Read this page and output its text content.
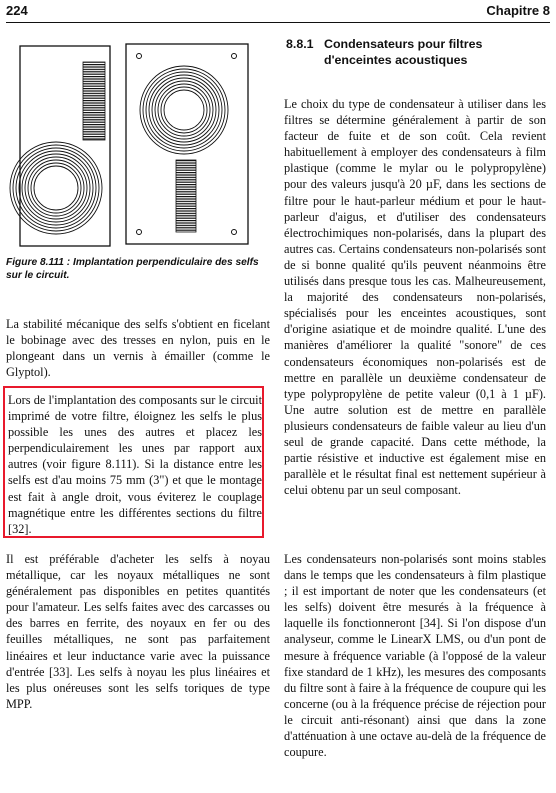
224	Chapitre 8
Figure 8.111 : Implantation perpendiculaire des selfs sur le circuit.

La stabilité mécanique des selfs s'obtient en ficelant le bobinage avec des tresses en nylon, puis en le plongeant dans un vernis à émailler (comme le Glyptol).

Lors de l'implantation des composants sur le circuit imprimé de votre filtre, éloignez les selfs le plus possible les unes des autres et placez les perpendiculairement les unes par rapport aux autres (voir figure 8.111). Si la distance entre les selfs est d'au moins 75 mm (3") et que le montage est fait à angle droit, vous éviterez le couplage magnétique entre les différentes sections du filtre [32].

Il est préférable d'acheter les selfs à noyau métallique, car les noyaux métalliques ne sont généralement pas disponibles en petites quantités pour l'amateur. Les selfs faites avec des carcasses ou des barres en ferrite, des noyaux en fer ou des feuilles métalliques, ne sont pas parfaitement linéaires et leur inductance varie avec la puissance d'entrée [33]. Les selfs à noyau les plus linéaires et les plus onéreuses sont les selfs toriques de type MPP.

8.8.1 Condensateurs pour filtres d'enceintes acoustiques

Le choix du type de condensateur à utiliser dans les filtres se détermine généralement à partir de son facteur de fuite et de son coût. Cela revient habituellement à employer des condensateurs à film plastique (comme le mylar ou le polypropylène) pour des valeurs jusqu'à 20 µF, dans les sections de filtre pour le haut-parleur médium et pour le haut-parleur d'aigus, et d'utiliser des condensateurs électrochimiques non-polarisés, dans la plupart des autres cas. Certains condensateurs non-polarisés sont de si bonne qualité qu'ils peuvent néanmoins être utilisés dans presque tous les cas. Malheureusement, la majorité des condensateurs non-polarisés, spécialisés pour les enceintes acoustiques, sont d'origine asiatique et de moindre qualité. L'une des manières d'améliorer la qualité "sonore" de ces condensateurs économiques non-polarisés est de mettre en parallèle un deuxième condensateur de type polypropylène de petite valeur (0,1 à 1 µF). Une autre solution est de mettre en parallèle plusieurs condensateurs de faible valeur au lieu d'un seul de grande capacité. Dans cette méthode, la partie résistive et inductive est également mise en parallèle et le résultat final est nettement supérieur à celui obtenu par un seul composant.

Les condensateurs non-polarisés sont moins stables dans le temps que les condensateurs à film plastique ; il est important de noter que les condensateurs (et les selfs) doivent être mesurés à la fréquence à laquelle ils fonctionneront [34]. Si l'on dispose d'un analyseur, comme le LinearX LMS, ou d'un pont de mesure à fréquence variable (à l'opposé de la valeur fixe standard de 1 kHz), les mesures des composants du filtre sont à faire à la fréquence de coupure qui les concerne (ou à la fréquence précise de réjection pour le circuit anti-résonant) ainsi que dans la zone d'atténuation à une octave au-delà de la fréquence de coupure.
